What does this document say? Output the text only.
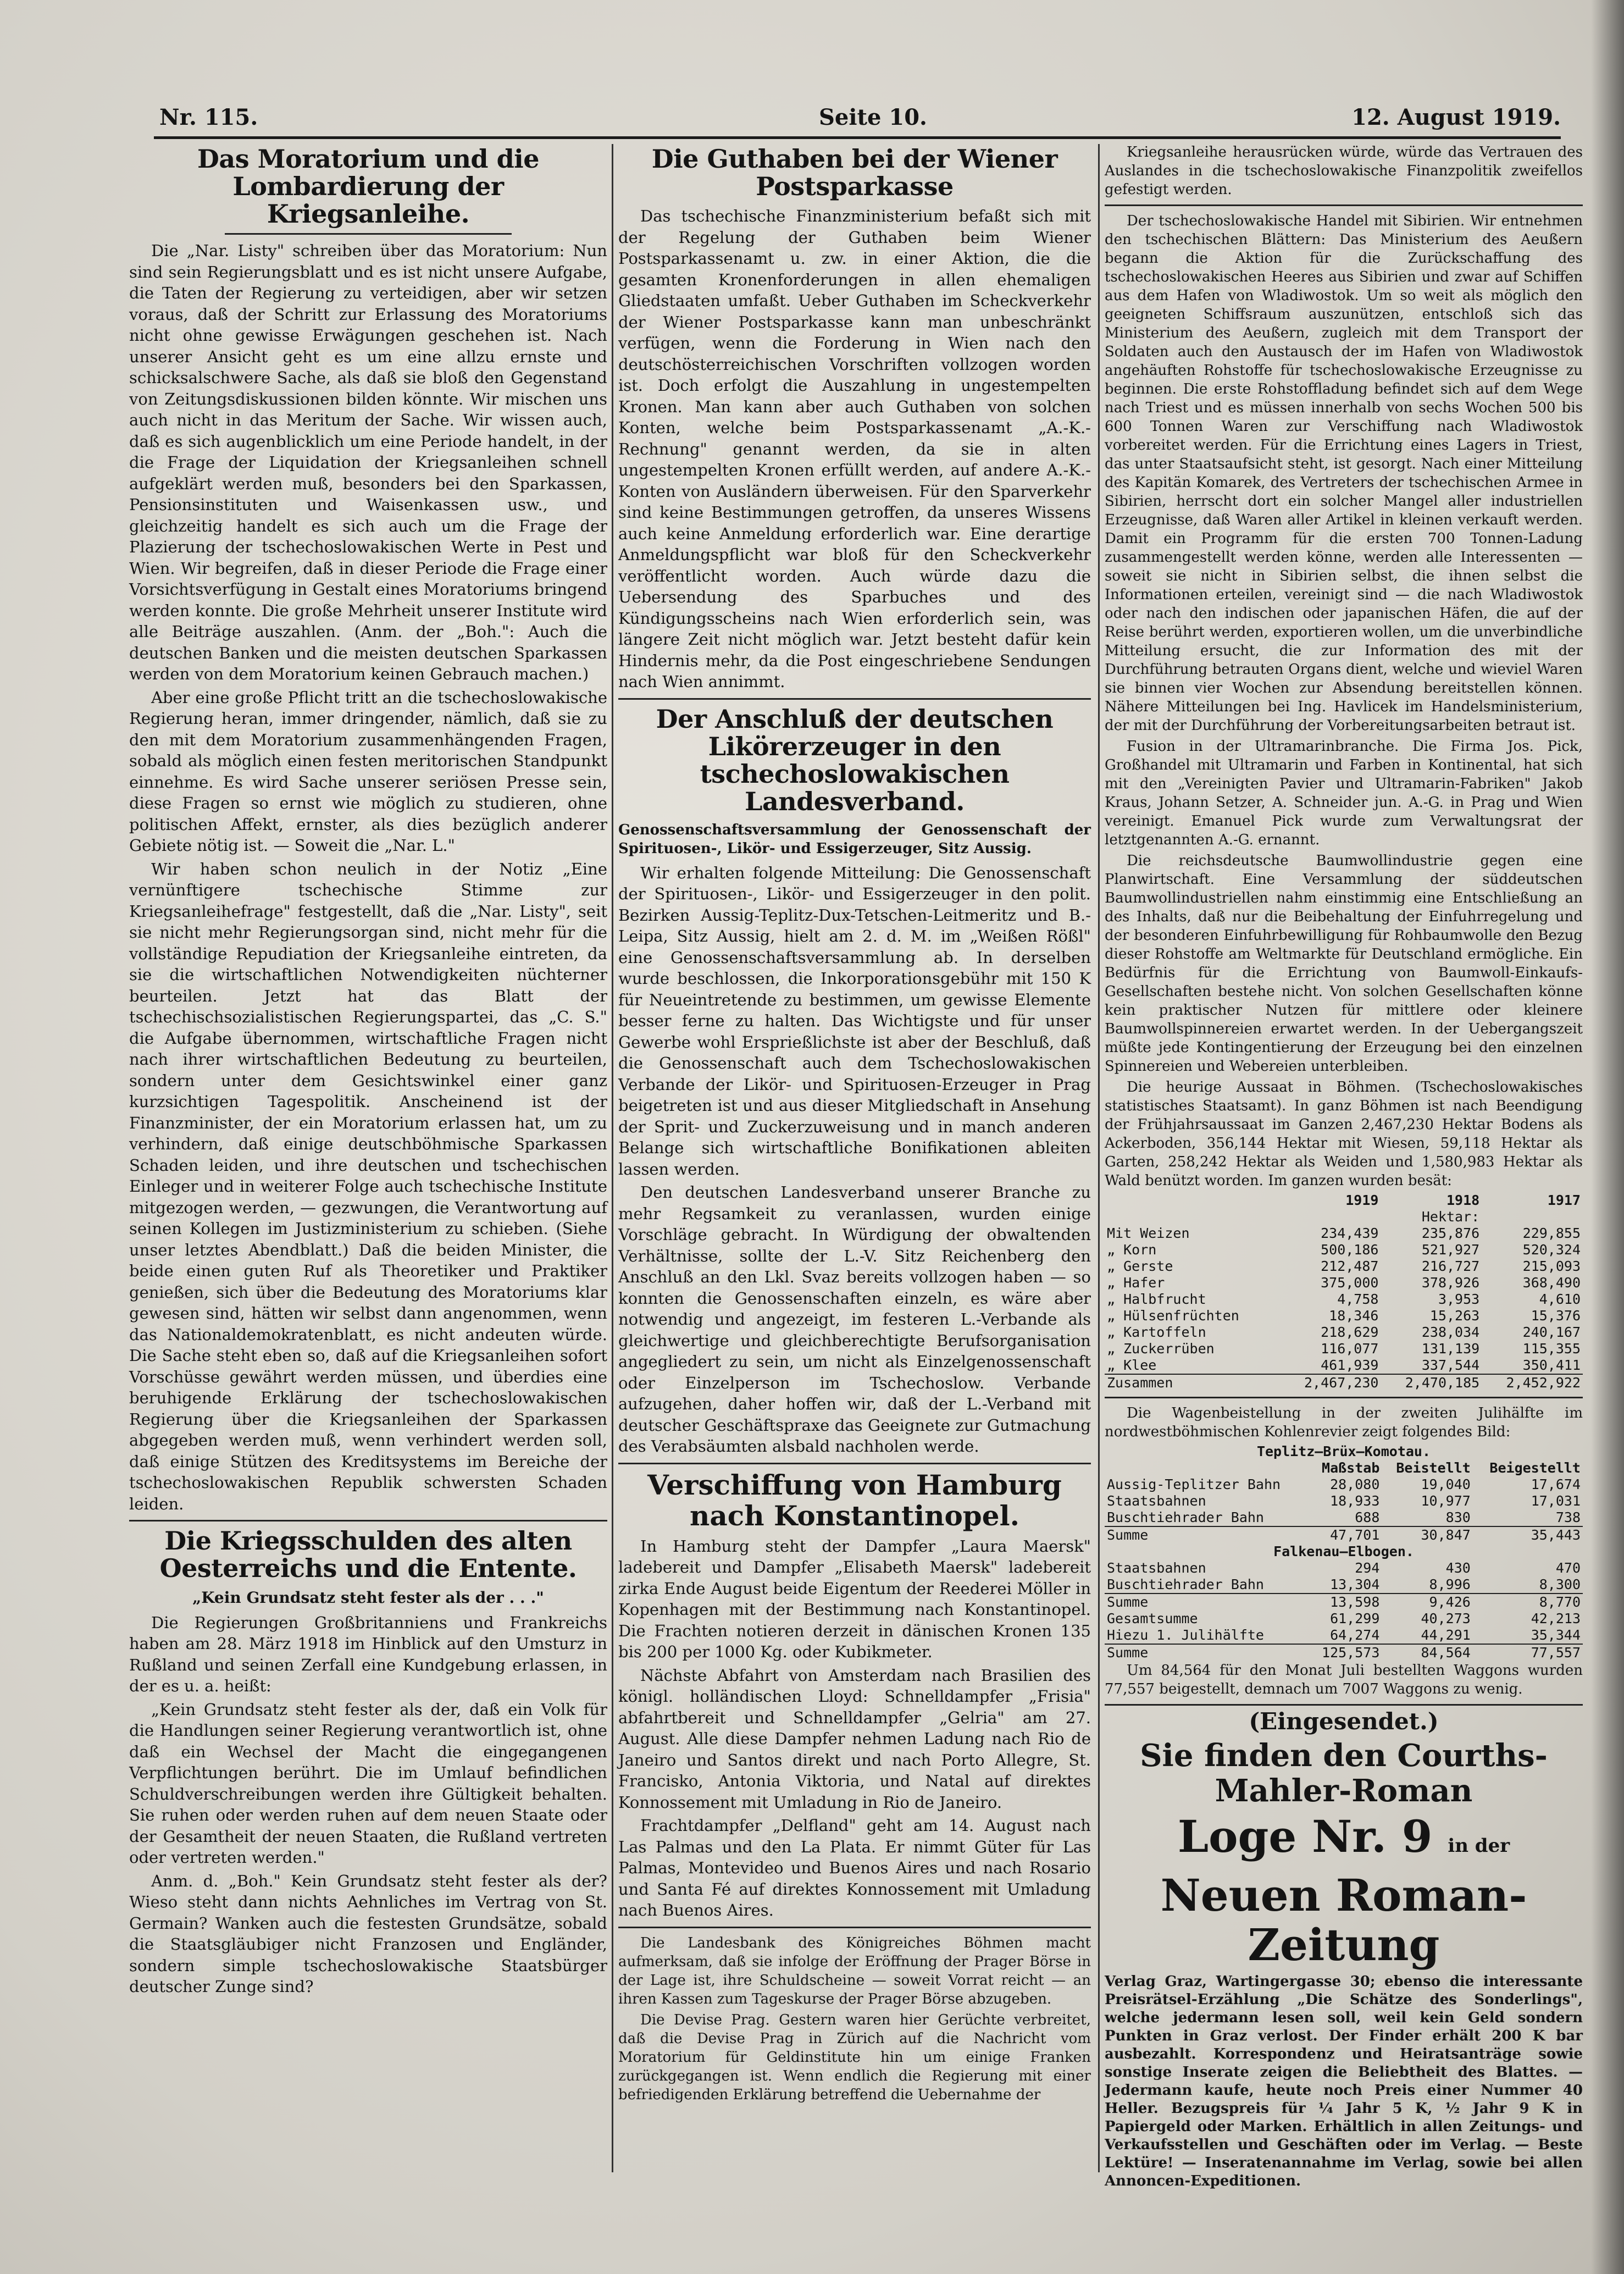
Nr. 115.	Seite 10.	12. August 1919.
Das Moratorium und die Lombardierung der Kriegsanleihe.

Die „Nar. Listy" schreiben über das Moratorium: Nun sind sein Regierungsblatt und es ist nicht unsere Aufgabe, die Taten der Regierung zu verteidigen, aber wir setzen voraus, daß der Schritt zur Erlassung des Moratoriums nicht ohne gewisse Erwägungen geschehen ist. Nach unserer Ansicht geht es um eine allzu ernste und schicksalschwere Sache, als daß sie bloß den Gegenstand von Zeitungsdiskussionen bilden könnte. Wir mischen uns auch nicht in das Meritum der Sache. Wir wissen auch, daß es sich augenblicklich um eine Periode handelt, in der die Frage der Liquidation der Kriegsanleihen schnell aufgeklärt werden muß, besonders bei den Sparkassen, Pensionsinstituten und Waisenkassen usw., und gleichzeitig handelt es sich auch um die Frage der Plazierung der tschechoslowakischen Werte in Pest und Wien. Wir begreifen, daß in dieser Periode die Frage einer Vorsichtsverfügung in Gestalt eines Moratoriums bringend werden konnte. Die große Mehrheit unserer Institute wird alle Beiträge auszahlen. (Anm. der „Boh.": Auch die deutschen Banken und die meisten deutschen Sparkassen werden von dem Moratorium keinen Gebrauch machen.)

Aber eine große Pflicht tritt an die tschechoslowakische Regierung heran, immer dringender, nämlich, daß sie zu den mit dem Moratorium zusammenhängenden Fragen, sobald als möglich einen festen meritorischen Standpunkt einnehme. Es wird Sache unserer seriösen Presse sein, diese Fragen so ernst wie möglich zu studieren, ohne politischen Affekt, ernster, als dies bezüglich anderer Gebiete nötig ist. — Soweit die „Nar. L."

Wir haben schon neulich in der Notiz „Eine vernünftigere tschechische Stimme zur Kriegsanleihefrage" festgestellt, daß die „Nar. Listy", seit sie nicht mehr Regierungsorgan sind, nicht mehr für die vollständige Repudiation der Kriegsanleihe eintreten, da sie die wirtschaftlichen Notwendigkeiten nüchterner beurteilen. Jetzt hat das Blatt der tschechischsozialistischen Regierungspartei, das „C. S." die Aufgabe übernommen, wirtschaftliche Fragen nicht nach ihrer wirtschaftlichen Bedeutung zu beurteilen, sondern unter dem Gesichtswinkel einer ganz kurzsichtigen Tagespolitik. Anscheinend ist der Finanzminister, der ein Moratorium erlassen hat, um zu verhindern, daß einige deutschböhmische Sparkassen Schaden leiden, und ihre deutschen und tschechischen Einleger und in weiterer Folge auch tschechische Institute mitgezogen werden, — gezwungen, die Verantwortung auf seinen Kollegen im Justizministerium zu schieben. (Siehe unser letztes Abendblatt.) Daß die beiden Minister, die beide einen guten Ruf als Theoretiker und Praktiker genießen, sich über die Bedeutung des Moratoriums klar gewesen sind, hätten wir selbst dann angenommen, wenn das Nationaldemokratenblatt, es nicht andeuten würde. Die Sache steht eben so, daß auf die Kriegsanleihen sofort Vorschüsse gewährt werden müssen, und überdies eine beruhigende Erklärung der tschechoslowakischen Regierung über die Kriegsanleihen der Sparkassen abgegeben werden muß, wenn verhindert werden soll, daß einige Stützen des Kreditsystems im Bereiche der tschechoslowakischen Republik schwersten Schaden leiden.

Die Kriegsschulden des alten Oesterreichs und die Entente.
„Kein Grundsatz steht fester als der . . ."

Die Regierungen Großbritanniens und Frankreichs haben am 28. März 1918 im Hinblick auf den Umsturz in Rußland und seinen Zerfall eine Kundgebung erlassen, in der es u. a. heißt:

„Kein Grundsatz steht fester als der, daß ein Volk für die Handlungen seiner Regierung verantwortlich ist, ohne daß ein Wechsel der Macht die eingegangenen Verpflichtungen berührt. Die im Umlauf befindlichen Schuldverschreibungen werden ihre Gültigkeit behalten. Sie ruhen oder werden ruhen auf dem neuen Staate oder der Gesamtheit der neuen Staaten, die Rußland vertreten oder vertreten werden."

Anm. d. „Boh." Kein Grundsatz steht fester als der? Wieso steht dann nichts Aehnliches im Vertrag von St. Germain? Wanken auch die festesten Grundsätze, sobald die Staatsgläubiger nicht Franzosen und Engländer, sondern simple tschechoslowakische Staatsbürger deutscher Zunge sind?

Die Guthaben bei der Wiener Postsparkasse

Das tschechische Finanzministerium befaßt sich mit der Regelung der Guthaben beim Wiener Postsparkassenamt u. zw. in einer Aktion, die die gesamten Kronenforderungen in allen ehemaligen Gliedstaaten umfaßt. Ueber Guthaben im Scheckverkehr der Wiener Postsparkasse kann man unbeschränkt verfügen, wenn die Forderung in Wien nach den deutschösterreichischen Vorschriften vollzogen worden ist. Doch erfolgt die Auszahlung in ungestempelten Kronen. Man kann aber auch Guthaben von solchen Konten, welche beim Postsparkassenamt „A.-K.-Rechnung" genannt werden, da sie in alten ungestempelten Kronen erfüllt werden, auf andere A.-K.-Konten von Ausländern überweisen. Für den Sparverkehr sind keine Bestimmungen getroffen, da unseres Wissens auch keine Anmeldung erforderlich war. Eine derartige Anmeldungspflicht war bloß für den Scheckverkehr veröffentlicht worden. Auch würde dazu die Uebersendung des Sparbuches und des Kündigungsscheins nach Wien erforderlich sein, was längere Zeit nicht möglich war. Jetzt besteht dafür kein Hindernis mehr, da die Post eingeschriebene Sendungen nach Wien annimmt.

Der Anschluß der deutschen Likörerzeuger in den tschechoslowakischen Landesverband.
Genossenschaftsversammlung der Genossenschaft der Spirituosen-, Likör- und Essigerzeuger, Sitz Aussig.

Wir erhalten folgende Mitteilung: Die Genossenschaft der Spirituosen-, Likör- und Essigerzeuger in den polit. Bezirken Aussig-Teplitz-Dux-Tetschen-Leitmeritz und B.-Leipa, Sitz Aussig, hielt am 2. d. M. im „Weißen Rößl" eine Genossenschaftsversammlung ab. In derselben wurde beschlossen, die Inkorporationsgebühr mit 150 K für Neueintretende zu bestimmen, um gewisse Elemente besser ferne zu halten. Das Wichtigste und für unser Gewerbe wohl Ersprießlichste ist aber der Beschluß, daß die Genossenschaft auch dem Tschechoslowakischen Verbande der Likör- und Spirituosen-Erzeuger in Prag beigetreten ist und aus dieser Mitgliedschaft in Ansehung der Sprit- und Zuckerzuweisung und in manch anderen Belange sich wirtschaftliche Bonifikationen ableiten lassen werden.

Den deutschen Landesverband unserer Branche zu mehr Regsamkeit zu veranlassen, wurden einige Vorschläge gebracht. In Würdigung der obwaltenden Verhältnisse, sollte der L.-V. Sitz Reichenberg den Anschluß an den Lkl. Svaz bereits vollzogen haben — so konnten die Genossenschaften einzeln, es wäre aber notwendig und angezeigt, im festeren L.-Verbande als gleichwertige und gleichberechtigte Berufsorganisation angegliedert zu sein, um nicht als Einzelgenossenschaft oder Einzelperson im Tschechoslow. Verbande aufzugehen, daher hoffen wir, daß der L.-Verband mit deutscher Geschäftspraxe das Geeignete zur Gutmachung des Verabsäumten alsbald nachholen werde.

Verschiffung von Hamburg nach Konstantinopel.

In Hamburg steht der Dampfer „Laura Maersk" ladebereit und Dampfer „Elisabeth Maersk" ladebereit zirka Ende August beide Eigentum der Reederei Möller in Kopenhagen mit der Bestimmung nach Konstantinopel. Die Frachten notieren derzeit in dänischen Kronen 135 bis 200 per 1000 Kg. oder Kubikmeter.

Nächste Abfahrt von Amsterdam nach Brasilien des königl. holländischen Lloyd: Schnelldampfer „Frisia" abfahrtbereit und Schnelldampfer „Gelria" am 27. August. Alle diese Dampfer nehmen Ladung nach Rio de Janeiro und Santos direkt und nach Porto Allegre, St. Francisko, Antonia Viktoria, und Natal auf direktes Konnossement mit Umladung in Rio de Janeiro.

Frachtdampfer „Delfland" geht am 14. August nach Las Palmas und den La Plata. Er nimmt Güter für Las Palmas, Montevideo und Buenos Aires und nach Rosario und Santa Fé auf direktes Konnossement mit Umladung nach Buenos Aires.

Die Landesbank des Königreiches Böhmen macht aufmerksam, daß sie infolge der Eröffnung der Prager Börse in der Lage ist, ihre Schuldscheine — soweit Vorrat reicht — an ihren Kassen zum Tageskurse der Prager Börse abzugeben.

Die Devise Prag. Gestern waren hier Gerüchte verbreitet, daß die Devise Prag in Zürich auf die Nachricht vom Moratorium für Geldinstitute hin um einige Franken zurückgegangen ist. Wenn endlich die Regierung mit einer befriedigenden Erklärung betreffend die Uebernahme der

Kriegsanleihe herausrücken würde, würde das Vertrauen des Auslandes in die tschechoslowakische Finanzpolitik zweifellos gefestigt werden.

Der tschechoslowakische Handel mit Sibirien. Wir entnehmen den tschechischen Blättern: Das Ministerium des Aeußern begann die Aktion für die Zurückschaffung des tschechoslowakischen Heeres aus Sibirien und zwar auf Schiffen aus dem Hafen von Wladiwostok. Um so weit als möglich den geeigneten Schiffsraum auszunützen, entschloß sich das Ministerium des Aeußern, zugleich mit dem Transport der Soldaten auch den Austausch der im Hafen von Wladiwostok angehäuften Rohstoffe für tschechoslowakische Erzeugnisse zu beginnen. Die erste Rohstoffladung befindet sich auf dem Wege nach Triest und es müssen innerhalb von sechs Wochen 500 bis 600 Tonnen Waren zur Verschiffung nach Wladiwostok vorbereitet werden. Für die Errichtung eines Lagers in Triest, das unter Staatsaufsicht steht, ist gesorgt. Nach einer Mitteilung des Kapitän Komarek, des Vertreters der tschechischen Armee in Sibirien, herrscht dort ein solcher Mangel aller industriellen Erzeugnisse, daß Waren aller Artikel in kleinen verkauft werden. Damit ein Programm für die ersten 700 Tonnen-Ladung zusammengestellt werden könne, werden alle Interessenten — soweit sie nicht in Sibirien selbst, die ihnen selbst die Informationen erteilen, vereinigt sind — die nach Wladiwostok oder nach den indischen oder japanischen Häfen, die auf der Reise berührt werden, exportieren wollen, um die unverbindliche Mitteilung ersucht, die zur Information des mit der Durchführung betrauten Organs dient, welche und wieviel Waren sie binnen vier Wochen zur Absendung bereitstellen können. Nähere Mitteilungen bei Ing. Havlicek im Handelsministerium, der mit der Durchführung der Vorbereitungsarbeiten betraut ist.

Fusion in der Ultramarinbranche. Die Firma Jos. Pick, Großhandel mit Ultramarin und Farben in Kontinental, hat sich mit den „Vereinigten Pavier und Ultramarin-Fabriken" Jakob Kraus, Johann Setzer, A. Schneider jun. A.-G. in Prag und Wien vereinigt. Emanuel Pick wurde zum Verwaltungsrat der letztgenannten A.-G. ernannt.

Die reichsdeutsche Baumwollindustrie gegen eine Planwirtschaft. Eine Versammlung der süddeutschen Baumwollindustriellen nahm einstimmig eine Entschließung an des Inhalts, daß nur die Beibehaltung der Einfuhrregelung und der besonderen Einfuhrbewilligung für Rohbaumwolle den Bezug dieser Rohstoffe am Weltmarkte für Deutschland ermögliche. Ein Bedürfnis für die Errichtung von Baumwoll-Einkaufs-Gesellschaften bestehe nicht. Von solchen Gesellschaften könne kein praktischer Nutzen für mittlere oder kleinere Baumwollspinnereien erwartet werden. In der Uebergangszeit müßte jede Kontingentierung der Erzeugung bei den einzelnen Spinnereien und Webereien unterbleiben.

Die heurige Aussaat in Böhmen. (Tschechoslowakisches statistisches Staatsamt). In ganz Böhmen ist nach Beendigung der Frühjahrsaussaat im Ganzen 2,467,230 Hektar Bodens als Ackerboden, 356,144 Hektar mit Wiesen, 59,118 Hektar als Garten, 258,242 Hektar als Weiden und 1,580,983 Hektar als Wald benützt worden. Im ganzen wurden besät:

	1919	1918	1917
		Hektar:	
Mit Weizen	234,439	235,876	229,855
„ Korn	500,186	521,927	520,324
„ Gerste	212,487	216,727	215,093
„ Hafer	375,000	378,926	368,490
„ Halbfrucht	4,758	3,953	4,610
„ Hülsenfrüchten	18,346	15,263	15,376
„ Kartoffeln	218,629	238,034	240,167
„ Zuckerrüben	116,077	131,139	115,355
„ Klee	461,939	337,544	350,411
Zusammen	2,467,230	2,470,185	2,452,922

Die Wagenbeistellung in der zweiten Julihälfte im nordwestböhmischen Kohlenrevier zeigt folgendes Bild:

Teplitz—Brüx—Komotau.			
	Maßstab	Beistellt	Beigestellt
Aussig-Teplitzer Bahn	28,080	19,040	17,674
Staatsbahnen	18,933	10,977	17,031
Buschtiehrader Bahn	688	830	738
Summe	47,701	30,847	35,443
Falkenau—Elbogen.			
Staatsbahnen	294	430	470
Buschtiehrader Bahn	13,304	8,996	8,300
Summe	13,598	9,426	8,770
Gesamtsumme	61,299	40,273	42,213
Hiezu 1. Julihälfte	64,274	44,291	35,344
Summe	125,573	84,564	77,557

Um 84,564 für den Monat Juli bestellten Waggons wurden 77,557 beigestellt, demnach um 7007 Waggons zu wenig.

(Eingesendet.)
Sie finden den Courths-Mahler-Roman
Loge Nr. 9 in der Neuen Roman-Zeitung
Verlag Graz, Wartingergasse 30; ebenso die interessante Preisrätsel-Erzählung „Die Schätze des Sonderlings", welche jedermann lesen soll, weil kein Geld sondern Punkten in Graz verlost. Der Finder erhält 200 K bar ausbezahlt. Korrespondenz und Heiratsanträge sowie sonstige Inserate zeigen die Beliebtheit des Blattes. — Jedermann kaufe, heute noch Preis einer Nummer 40 Heller. Bezugspreis für ¼ Jahr 5 K, ½ Jahr 9 K in Papiergeld oder Marken. Erhältlich in allen Zeitungs- und Verkaufsstellen und Geschäften oder im Verlag. — Beste Lektüre! — Inseratenannahme im Verlag, sowie bei allen Annoncen-Expeditionen.
